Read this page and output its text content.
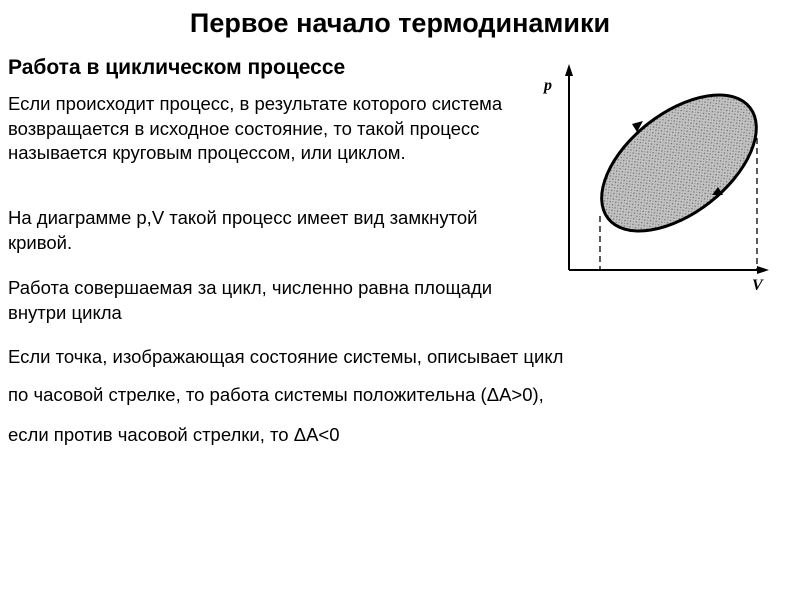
Первое начало термодинамики
Работа в циклическом процессе
Если происходит процесс, в результате которого система возвращается в исходное состояние, то такой процесс называется круговым процессом, или циклом.
На диаграмме p,V такой процесс имеет вид замкнутой кривой.
Работа совершаемая за цикл, численно равна площади внутри цикла
Если точка, изображающая состояние системы, описывает цикл
по часовой стрелке, то работа системы положительна (ΔA>0),
если против часовой стрелки, то ΔA<0
p
V
